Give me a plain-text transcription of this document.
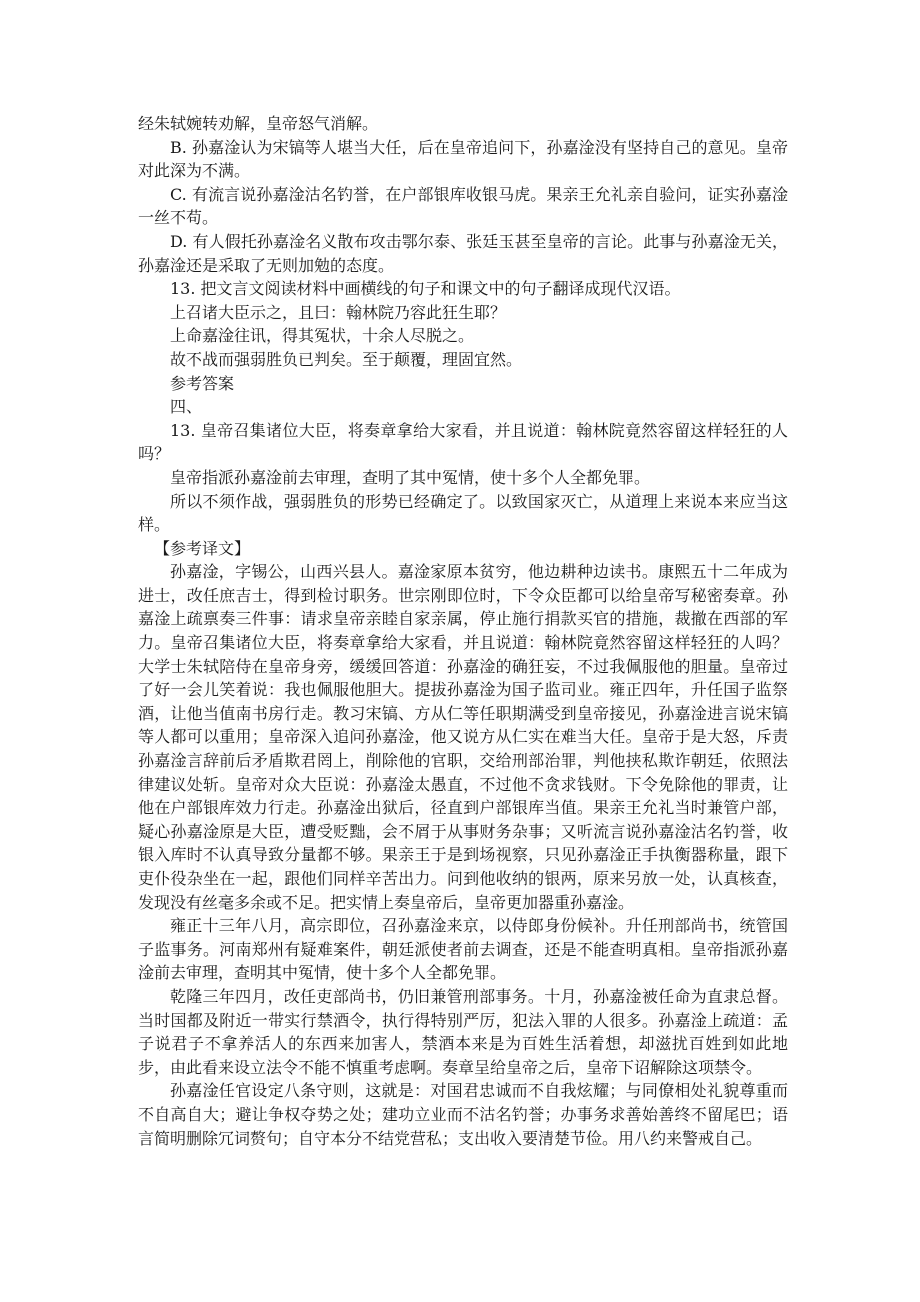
经朱轼婉转劝解，皇帝怒气消解。

B. 孙嘉淦认为宋镐等人堪当大任，后在皇帝追问下，孙嘉淦没有坚持自己的意见。皇帝对此深为不满。

C. 有流言说孙嘉淦沽名钓誉，在户部银库收银马虎。果亲王允礼亲自验问，证实孙嘉淦一丝不苟。

D. 有人假托孙嘉淦名义散布攻击鄂尔泰、张廷玉甚至皇帝的言论。此事与孙嘉淦无关，孙嘉淦还是采取了无则加勉的态度。

13. 把文言文阅读材料中画横线的句子和课文中的句子翻译成现代汉语。

上召诸大臣示之，且曰：翰林院乃容此狂生耶？

上命嘉淦往讯，得其冤状，十余人尽脱之。

故不战而强弱胜负已判矣。至于颠覆，理固宜然。

参考答案

四、

13. 皇帝召集诸位大臣，将奏章拿给大家看，并且说道：翰林院竟然容留这样轻狂的人吗？

皇帝指派孙嘉淦前去审理，查明了其中冤情，使十多个人全都免罪。

所以不须作战，强弱胜负的形势已经确定了。以致国家灭亡，从道理上来说本来应当这样。

【参考译文】

孙嘉淦，字锡公，山西兴县人。嘉淦家原本贫穷，他边耕种边读书。康熙五十二年成为进士，改任庶吉士，得到检讨职务。世宗刚即位时，下令众臣都可以给皇帝写秘密奏章。孙嘉淦上疏禀奏三件事：请求皇帝亲睦自家亲属，停止施行捐款买官的措施，裁撤在西部的军力。皇帝召集诸位大臣，将奏章拿给大家看，并且说道：翰林院竟然容留这样轻狂的人吗？大学士朱轼陪侍在皇帝身旁，缓缓回答道：孙嘉淦的确狂妄，不过我佩服他的胆量。皇帝过了好一会儿笑着说：我也佩服他胆大。提拔孙嘉淦为国子监司业。雍正四年，升任国子监祭酒，让他当值南书房行走。教习宋镐、方从仁等任职期满受到皇帝接见，孙嘉淦进言说宋镐等人都可以重用；皇帝深入追问孙嘉淦，他又说方从仁实在难当大任。皇帝于是大怒，斥责孙嘉淦言辞前后矛盾欺君罔上，削除他的官职，交给刑部治罪，判他挟私欺诈朝廷，依照法律建议处斩。皇帝对众大臣说：孙嘉淦太愚直，不过他不贪求钱财。下令免除他的罪责，让他在户部银库效力行走。孙嘉淦出狱后，径直到户部银库当值。果亲王允礼当时兼管户部，疑心孙嘉淦原是大臣，遭受贬黜，会不屑于从事财务杂事；又听流言说孙嘉淦沽名钓誉，收银入库时不认真导致分量都不够。果亲王于是到场视察，只见孙嘉淦正手执衡器称量，跟下吏仆役杂坐在一起，跟他们同样辛苦出力。问到他收纳的银两，原来另放一处，认真核查，发现没有丝毫多余或不足。把实情上奏皇帝后，皇帝更加器重孙嘉淦。

雍正十三年八月，高宗即位，召孙嘉淦来京，以侍郎身份候补。升任刑部尚书，统管国子监事务。河南郑州有疑难案件，朝廷派使者前去调查，还是不能查明真相。皇帝指派孙嘉淦前去审理，查明其中冤情，使十多个人全都免罪。

乾隆三年四月，改任吏部尚书，仍旧兼管刑部事务。十月，孙嘉淦被任命为直隶总督。当时国都及附近一带实行禁酒令，执行得特别严厉，犯法入罪的人很多。孙嘉淦上疏道：孟子说君子不拿养活人的东西来加害人，禁酒本来是为百姓生活着想，却滋扰百姓到如此地步，由此看来设立法令不能不慎重考虑啊。奏章呈给皇帝之后，皇帝下诏解除这项禁令。

孙嘉淦任官设定八条守则，这就是：对国君忠诚而不自我炫耀；与同僚相处礼貌尊重而不自高自大；避让争权夺势之处；建功立业而不沽名钓誉；办事务求善始善终不留尾巴；语言简明删除冗词赘句；自守本分不结党营私；支出收入要清楚节俭。用八约来警戒自己。
